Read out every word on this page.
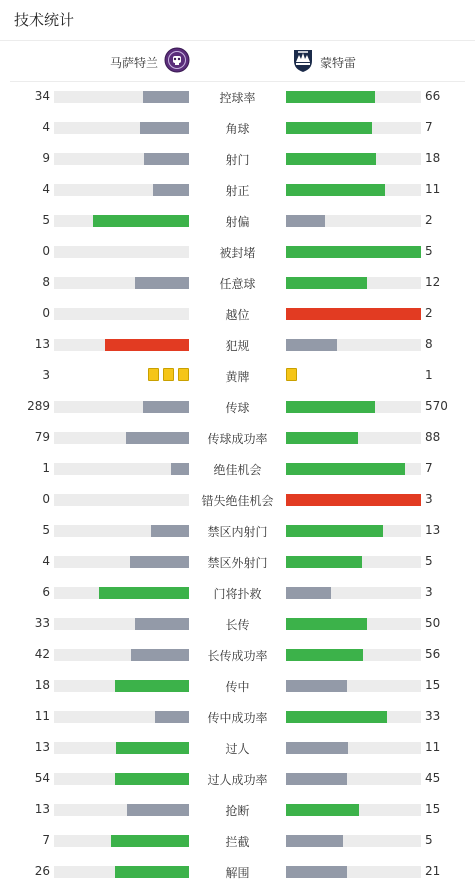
技术统计
马萨特兰	蒙特雷
34	控球率	66
4	角球	7
9	射门	18
4	射正	11
5	射偏	2
0	被封堵	5
8	任意球	12
0	越位	2
13	犯规	8
3	黄牌	1
289	传球	570
79	传球成功率	88
1	绝佳机会	7
0	错失绝佳机会	3
5	禁区内射门	13
4	禁区外射门	5
6	门将扑救	3
33	长传	50
42	长传成功率	56
18	传中	15
11	传中成功率	33
13	过人	11
54	过人成功率	45
13	抢断	15
7	拦截	5
26	解围	21
